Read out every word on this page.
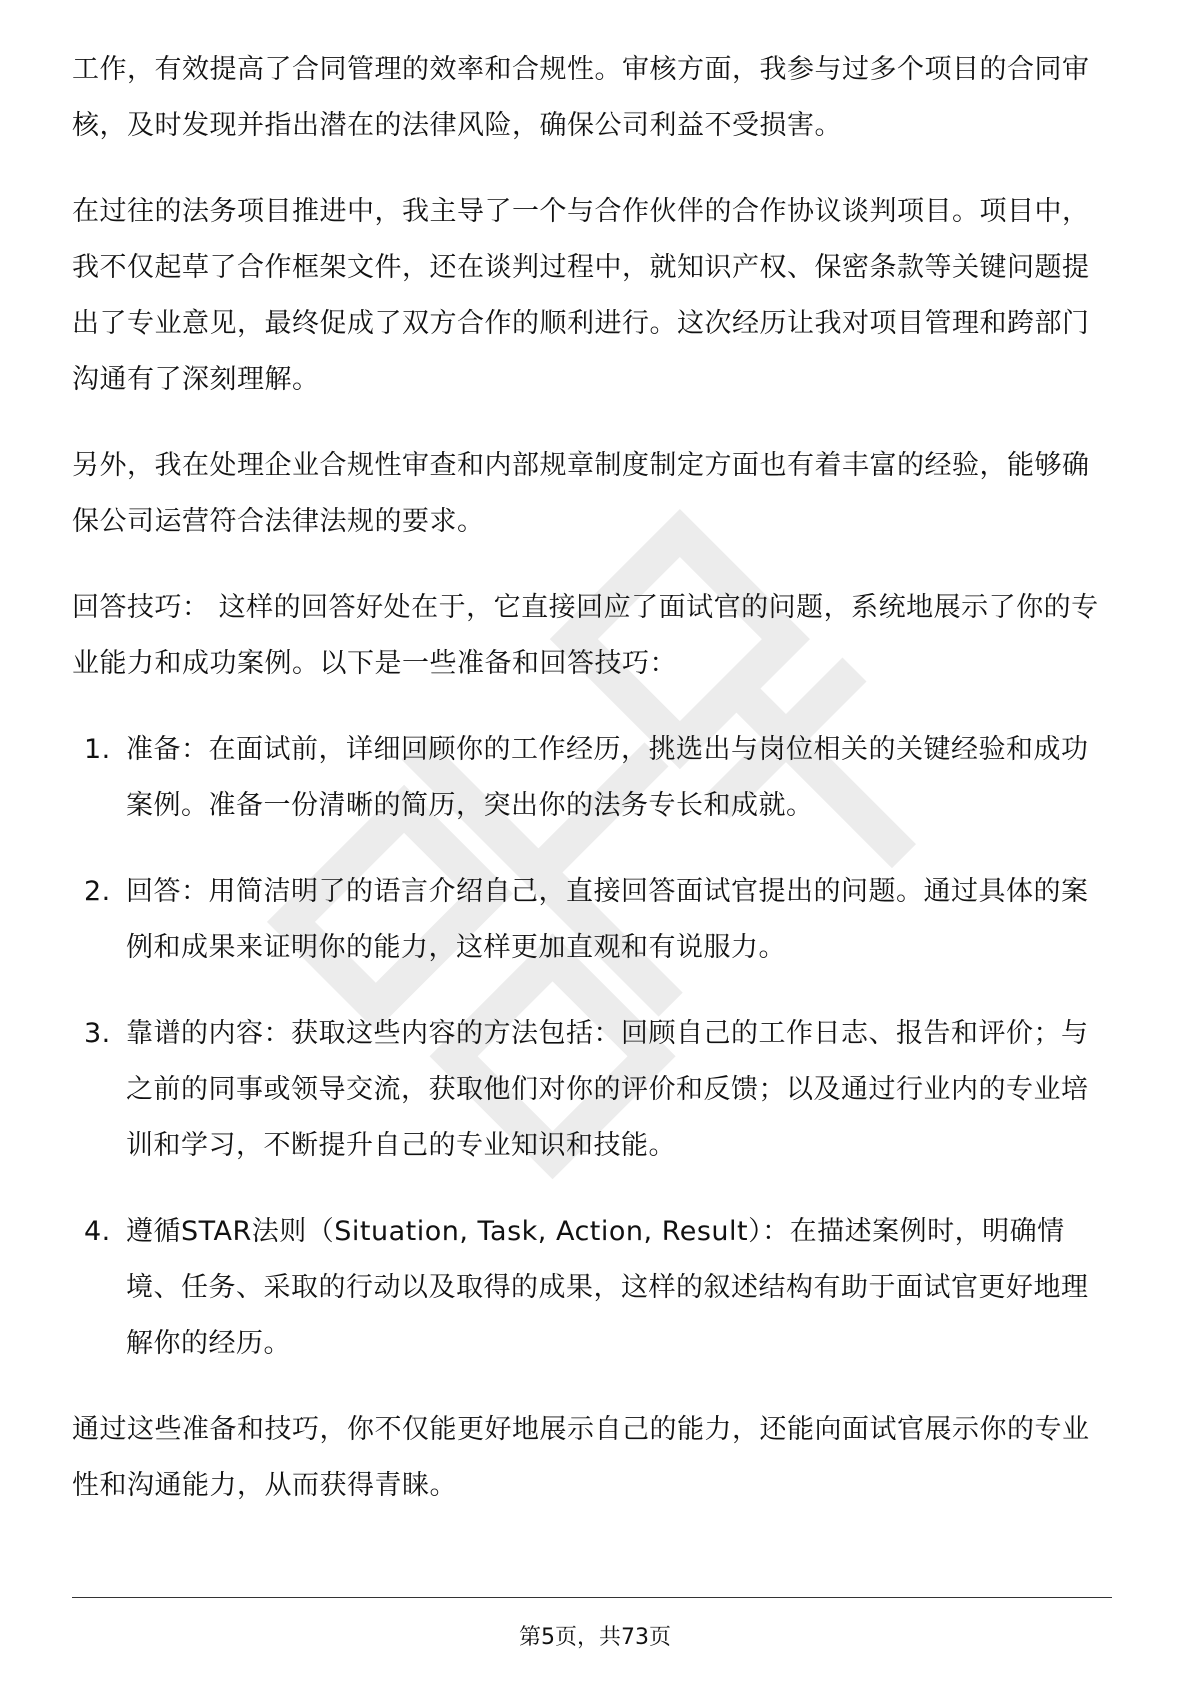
工作，有效提高了合同管理的效率和合规性。审核方面，我参与过多个项目的合同审核，及时发现并指出潜在的法律风险，确保公司利益不受损害。

在过往的法务项目推进中，我主导了一个与合作伙伴的合作协议谈判项目。项目中，我不仅起草了合作框架文件，还在谈判过程中，就知识产权、保密条款等关键问题提出了专业意见，最终促成了双方合作的顺利进行。这次经历让我对项目管理和跨部门沟通有了深刻理解。

另外，我在处理企业合规性审查和内部规章制度制定方面也有着丰富的经验，能够确保公司运营符合法律法规的要求。

回答技巧： 这样的回答好处在于，它直接回应了面试官的问题，系统地展示了你的专业能力和成功案例。以下是一些准备和回答技巧：

1. 准备：在面试前，详细回顾你的工作经历，挑选出与岗位相关的关键经验和成功案例。准备一份清晰的简历，突出你的法务专长和成就。
2. 回答：用简洁明了的语言介绍自己，直接回答面试官提出的问题。通过具体的案例和成果来证明你的能力，这样更加直观和有说服力。
3. 靠谱的内容：获取这些内容的方法包括：回顾自己的工作日志、报告和评价；与之前的同事或领导交流，获取他们对你的评价和反馈；以及通过行业内的专业培训和学习，不断提升自己的专业知识和技能。
4. 遵循STAR法则（Situation, Task, Action, Result）：在描述案例时，明确情境、任务、采取的行动以及取得的成果，这样的叙述结构有助于面试官更好地理解你的经历。

通过这些准备和技巧，你不仅能更好地展示自己的能力，还能向面试官展示你的专业性和沟通能力，从而获得青睐。

第5页，共73页
